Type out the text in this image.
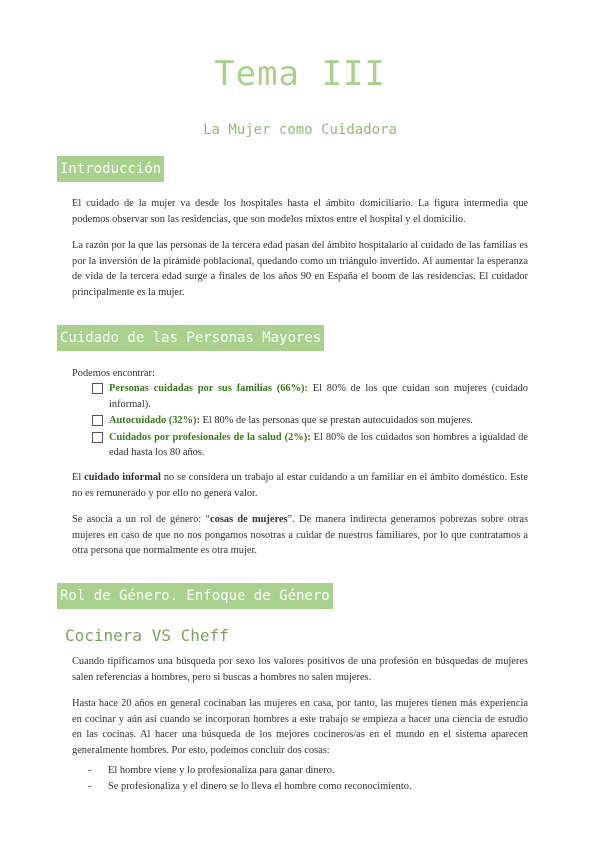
Tema III
La Mujer como Cuidadora
Introducción

El cuidado de la mujer va desde los hospitales hasta el ámbito domiciliario. La figura intermedia que podemos observar son las residencias, que son modelos mixtos entre el hospital y el domicilio.

La razón por la que las personas de la tercera edad pasan del ámbito hospitalario al cuidado de las familias es por la inversión de la pirámide poblacional, quedando como un triángulo invertido. Al aumentar la esperanza de vida de la tercera edad surge a finales de los años 90 en España el boom de las residencias. El cuidador principalmente es la mujer.

Cuidado de las Personas Mayores

Podemos encontrar:

Personas cuidadas por sus familias (66%): El 80% de los que cuidan son mujeres (cuidado informal).
Autocuidado (32%): El 80% de las personas que se prestan autocuidados son mujeres.
Cuidados por profesionales de la salud (2%): El 80% de los cuidados son hombres a igualdad de edad hasta los 80 años.

El cuidado informal no se considera un trabajo al estar cuidando a un familiar en el ámbito doméstico. Este no es remunerado y por ello no genera valor.

Se asocia a un rol de género: “cosas de mujeres”. De manera indirecta generamos pobrezas sobre otras mujeres en caso de que no nos pongamos nosotras a cuidar de nuestros familiares, por lo que contratamos a otra persona que normalmente es otra mujer.

Rol de Género. Enfoque de Género
Cocinera VS Cheff

Cuando tipificamos una búsqueda por sexo los valores positivos de una profesión en búsquedas de mujeres salen referencias a hombres, pero si buscas a hombres no salen mujeres.

Hasta hace 20 años en general cocinaban las mujeres en casa, por tanto, las mujeres tienen más experiencia en cocinar y aún así cuando se incorporan hombres a este trabajo se empieza a hacer una ciencia de estudio en las cocinas. Al hacer una búsqueda de los mejores cocineros/as en el mundo en el sistema aparecen generalmente hombres. Por esto, podemos concluir dos cosas:

- El hombre viene y lo profesionaliza para ganar dinero.
- Se profesionaliza y el dinero se lo lleva el hombre como reconocimiento.
